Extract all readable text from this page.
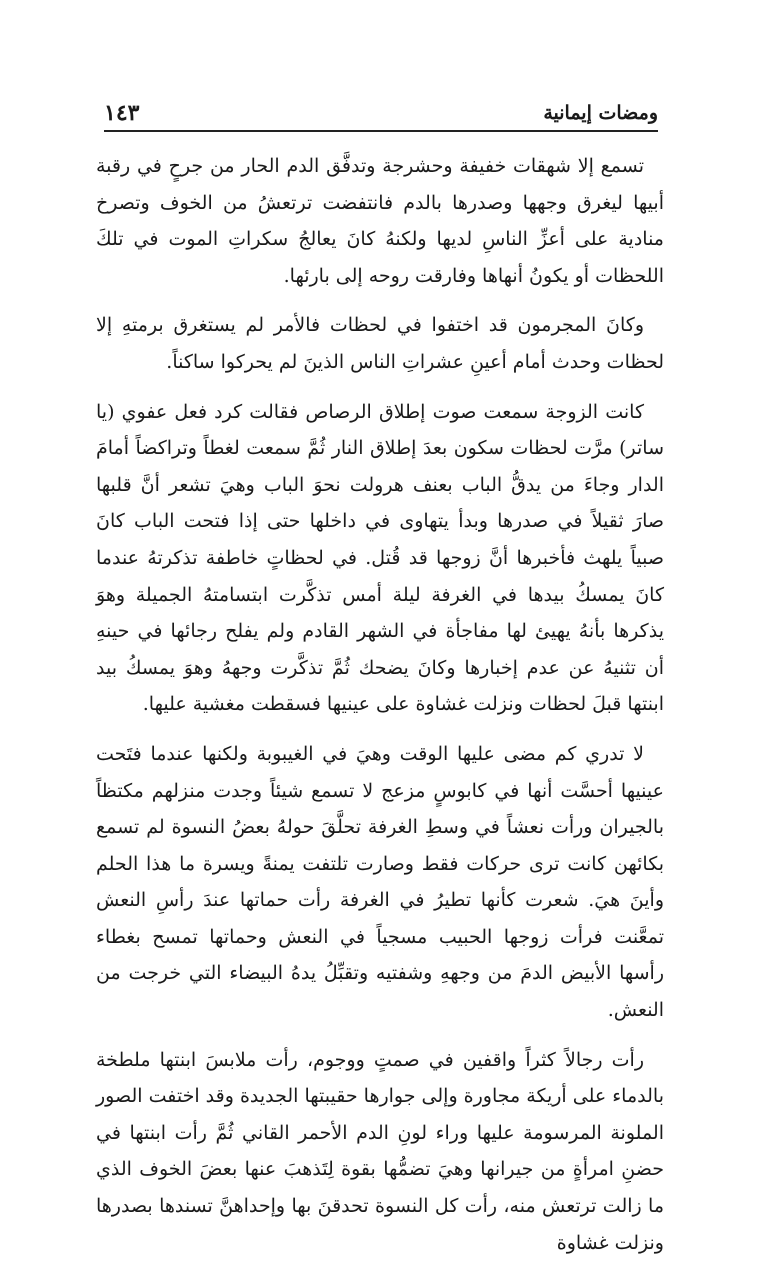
ومضات إيمانية
١٤٣

تسمع إلا شهقات خفيفة وحشرجة وتدفَّق الدم الحار من جرحٍ في رقبة أبيها ليغرق وجهها وصدرها بالدم فانتفضت ترتعشُ من الخوف وتصرخ منادية على أعزِّ الناسِ لديها ولكنهُ كانَ يعالجُ سكراتِ الموت في تلكَ اللحظات أو يكونُ أنهاها وفارقت روحه إلى بارئها.

وكانَ المجرمون قد اختفوا في لحظات فالأمر لم يستغرق برمتهِ إلا لحظات وحدث أمام أعينِ عشراتِ الناس الذينَ لم يحركوا ساكناً.

كانت الزوجة سمعت صوت إطلاق الرصاص فقالت كرد فعل عفوي (يا ساتر) مرَّت لحظات سكون بعدَ إطلاق النار ثُمَّ سمعت لغطاً وتراكضاً أمامَ الدار وجاءَ من يدقُّ الباب بعنف هرولت نحوَ الباب وهيَ تشعر أنَّ قلبها صارَ ثقيلاً في صدرها وبدأ يتهاوى في داخلها حتى إذا فتحت الباب كانَ صبياً يلهث فأخبرها أنَّ زوجها قد قُتل. في لحظاتٍ خاطفة تذكرتهُ عندما كانَ يمسكُ بيدها في الغرفة ليلة أمس تذكَّرت ابتسامتهُ الجميلة وهوَ يذكرها بأنهُ يهيئ لها مفاجأة في الشهر القادم ولم يفلح رجائها في حينهِ أن تثنيهُ عن عدم إخبارها وكانَ يضحك ثُمَّ تذكَّرت وجههُ وهوَ يمسكُ بيد ابنتها قبلَ لحظات ونزلت غشاوة على عينيها فسقطت مغشية عليها.

لا تدري كم مضى عليها الوقت وهيَ في الغيبوبة ولكنها عندما فتَحت عينيها أحسَّت أنها في كابوسٍ مزعج لا تسمع شيئاً وجدت منزلهم مكتظاً بالجيران ورأت نعشاً في وسطِ الغرفة تحلَّقَ حولهُ بعضُ النسوة لم تسمع بكائهن كانت ترى حركات فقط وصارت تلتفت يمنةً ويسرة ما هذا الحلم وأينَ هيَ. شعرت كأنها تطيرُ في الغرفة رأت حماتها عندَ رأسِ النعش تمعَّنت فرأت زوجها الحبيب مسجياً في النعش وحماتها تمسح بغطاء رأسها الأبيض الدمَ من وجههِ وشفتيه وتقبِّلُ يدهُ البيضاء التي خرجت من النعش.

رأت رجالاً كثراً واقفين في صمتٍ ووجوم، رأت ملابسَ ابنتها ملطخة بالدماء على أريكة مجاورة وإلى جوارها حقيبتها الجديدة وقد اختفت الصور الملونة المرسومة عليها وراء لونِ الدم الأحمر القاني ثُمَّ رأت ابنتها في حضنِ امرأةٍ من جيرانها وهيَ تضمُّها بقوة لِتَذهبَ عنها بعضَ الخوف الذي ما زالت ترتعش منه، رأت كل النسوة تحدقنَ بها وإحداهنَّ تسندها بصدرها ونزلت غشاوة
